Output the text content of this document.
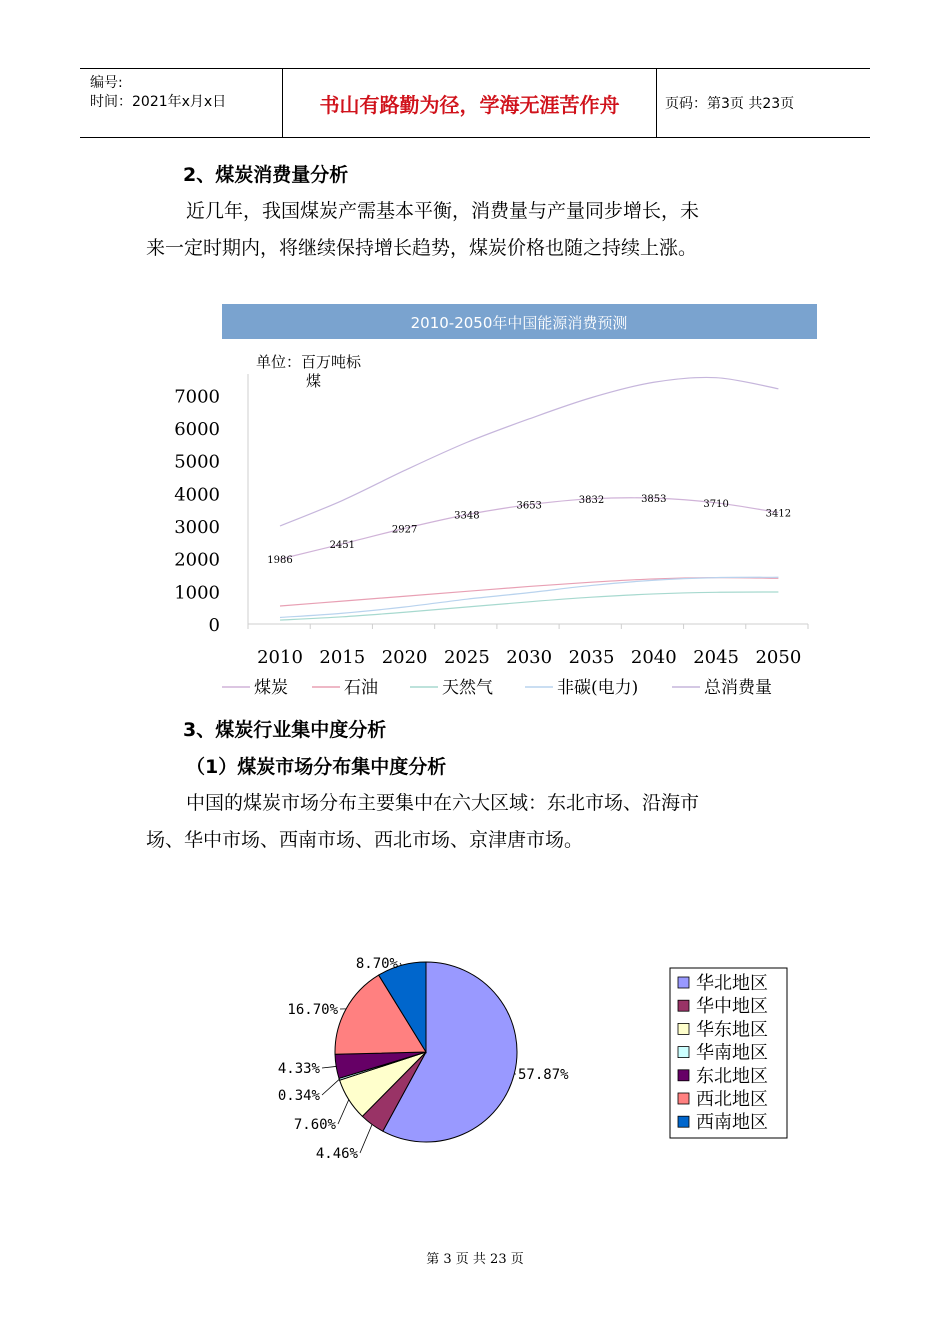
编号:
时间：2021年x月x日	书山有路勤为径，学海无涯苦作舟	页码：第3页 共23页
2、煤炭消费量分析
近几年，我国煤炭产需基本平衡，消费量与产量同步增长，未
来一定时期内，将继续保持增长趋势，煤炭价格也随之持续上涨。
2010-2050年中国能源消费预测
单位：百万吨标
煤
1986
2451
2927
3348
3653
3832	3853	3710
3412
0
1000
2000
3000
4000
5000
6000
7000
2010 2015 2020 2025 2030 2035 2040 2045 2050
煤炭	石油	天然气	非碳(电力)	总消费量
3、煤炭行业集中度分析
（1）煤炭市场分布集中度分析
中国的煤炭市场分布主要集中在六大区域：东北市场、沿海市
场、华中市场、西南市场、西北市场、京津唐市场。
57.87%
4.46%
7.60%
0.34%
4.33%
16.70%
8.70%
华北地区
华中地区
华东地区
华南地区
东北地区
西北地区
西南地区
第 3 页 共 23 页
